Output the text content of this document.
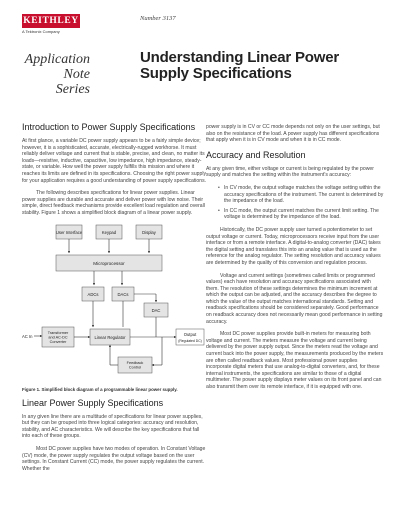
KEITHLEY
A Tektronix Company
Application Note
Series
Number 3137
Understanding Linear Power Supply Specifications
Introduction to Power Supply Specifications

At first glance, a variable DC power supply appears to be a fairly simple device; however, it is a sophisticated, accurate, electrically-rugged workhorse. It must reliably deliver voltage and current that is stable, precise, and clean, no matter its loads—resistive, inductive, capacitive, low impedance, high impedance, steady-state, or variable. How well the power supply fulfills this mission and where it reaches its limits are defined in its specifications. Choosing the right power supply for your application requires a good understanding of power supply specifications.

The following describes specifications for linear power supplies. Linear power supplies are durable and accurate and deliver power with low noise. Their simple, direct feedback mechanisms provide excellent load regulation and overall stability. Figure 1 shows a simplified block diagram of a linear power supply.

User Interface	Keypad	Display
Microprocessor
ADCs	DACs
DAC
AC In
Transformer and AC-DC Converter
Linear Regulator
Output
(Regulated DC)
Feedback Control
Figure 1. Simplified block diagram of a programmable linear power supply.
Linear Power Supply Specifications

In any given line there are a multitude of specifications for linear power supplies, but they can be grouped into three logical categories: accuracy and resolution, stability, and AC characteristics. We will describe the key specifications that fall into each of these groups.

Most DC power supplies have two modes of operation. In Constant Voltage (CV) mode, the power supply regulates the output voltage based on the user settings. In Constant Current (CC) mode, the power supply regulates the current. Whether the

power supply is in CV or CC mode depends not only on the user settings, but also on the resistance of the load. A power supply has different specifications that apply when it is in CV mode and when it is in CC mode.

Accuracy and Resolution

At any given time, either voltage or current is being regulated by the power supply and matches the setting within the instrument's accuracy:

• In CV mode, the output voltage matches the voltage setting within the accuracy specifications of the instrument. The current is determined by the impedance of the load.
• In CC mode, the output current matches the current limit setting. The voltage is determined by the impedance of the load.

Historically, the DC power supply user turned a potentiometer to set output voltage or current. Today, microprocessors receive input from the user interface or from a remote interface. A digital-to-analog converter (DAC) takes the digital setting and translates this into an analog value that is used as the reference for the analog regulator. The setting resolution and accuracy values are determined by the quality of this conversion and regulation process.

Voltage and current settings (sometimes called limits or programmed values) each have resolution and accuracy specifications associated with them. The resolution of these settings determines the minimum increment at which the output can be adjusted, and the accuracy describes the degree to which the value of the output matches international standards. Setting and readback specifications should be considered separately. Good performance on readback accuracy does not necessarily mean good performance in setting accuracy.

Most DC power supplies provide built-in meters for measuring both voltage and current. The meters measure the voltage and current being delivered by the power supply output. Since the meters read the voltage and current back into the power supply, the measurements produced by the meters are often called readback values. Most professional power supplies incorporate digital meters that use analog-to-digital converters, and, for these internal instruments, the specifications are similar to those of a digital multimeter. The power supply displays meter values on its front panel and can also transmit them over its remote interface, if it is equipped with one.
